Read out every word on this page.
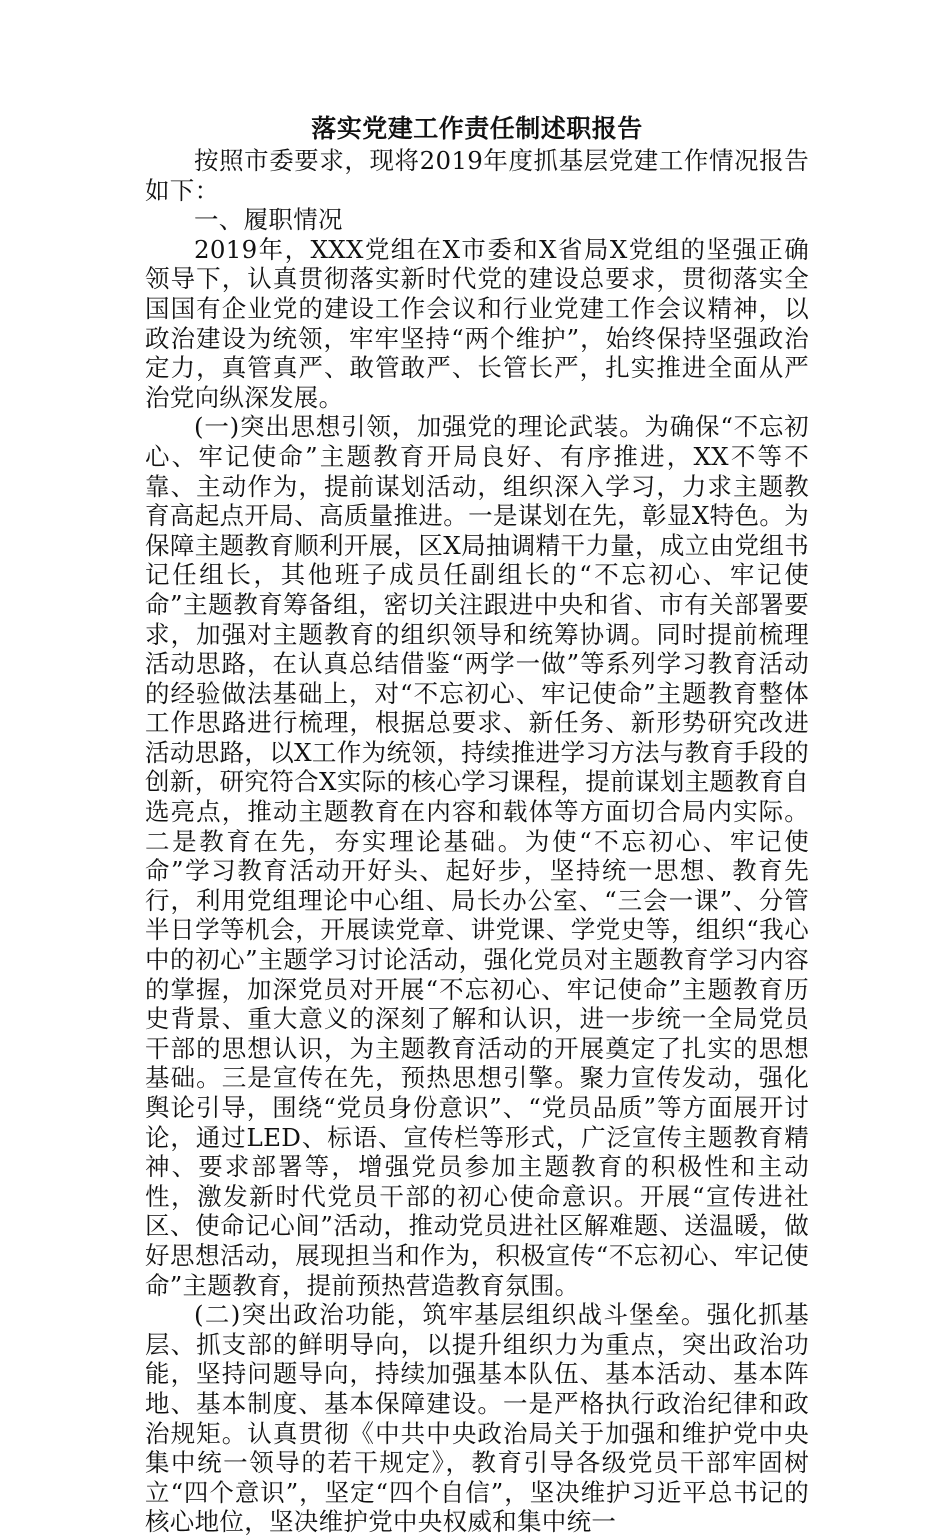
落实党建工作责任制述职报告

按照市委要求，现将2019年度抓基层党建工作情况报告如下：

一、履职情况

2019年，XXX党组在X市委和X省局X党组的坚强正确领导下，认真贯彻落实新时代党的建设总要求，贯彻落实全国国有企业党的建设工作会议和行业党建工作会议精神，以政治建设为统领，牢牢坚持“两个维护”，始终保持坚强政治定力，真管真严、敢管敢严、长管长严，扎实推进全面从严治党向纵深发展。

(一)突出思想引领，加强党的理论武装。为确保“不忘初心、牢记使命”主题教育开局良好、有序推进，XX不等不靠、主动作为，提前谋划活动，组织深入学习，力求主题教育高起点开局、高质量推进。一是谋划在先，彰显X特色。为保障主题教育顺利开展，区X局抽调精干力量，成立由党组书记任组长，其他班子成员任副组长的“不忘初心、牢记使命”主题教育筹备组，密切关注跟进中央和省、市有关部署要求，加强对主题教育的组织领导和统筹协调。同时提前梳理活动思路，在认真总结借鉴“两学一做”等系列学习教育活动的经验做法基础上，对“不忘初心、牢记使命”主题教育整体工作思路进行梳理，根据总要求、新任务、新形势研究改进活动思路，以X工作为统领，持续推进学习方法与教育手段的创新，研究符合X实际的核心学习课程，提前谋划主题教育自选亮点，推动主题教育在内容和载体等方面切合局内实际。二是教育在先，夯实理论基础。为使“不忘初心、牢记使命”学习教育活动开好头、起好步，坚持统一思想、教育先行，利用党组理论中心组、局长办公室、“三会一课”、分管半日学等机会，开展读党章、讲党课、学党史等，组织“我心中的初心”主题学习讨论活动，强化党员对主题教育学习内容的掌握，加深党员对开展“不忘初心、牢记使命”主题教育历史背景、重大意义的深刻了解和认识，进一步统一全局党员干部的思想认识，为主题教育活动的开展奠定了扎实的思想基础。三是宣传在先，预热思想引擎。聚力宣传发动，强化舆论引导，围绕“党员身份意识”、“党员品质”等方面展开讨论，通过LED、标语、宣传栏等形式，广泛宣传主题教育精神、要求部署等，增强党员参加主题教育的积极性和主动性，激发新时代党员干部的初心使命意识。开展“宣传进社区、使命记心间”活动，推动党员进社区解难题、送温暖，做好思想活动，展现担当和作为，积极宣传“不忘初心、牢记使命”主题教育，提前预热营造教育氛围。

(二)突出政治功能，筑牢基层组织战斗堡垒。强化抓基层、抓支部的鲜明导向，以提升组织力为重点，突出政治功能，坚持问题导向，持续加强基本队伍、基本活动、基本阵地、基本制度、基本保障建设。一是严格执行政治纪律和政治规矩。认真贯彻《中共中央政治局关于加强和维护党中央集中统一领导的若干规定》，教育引导各级党员干部牢固树立“四个意识”，坚定“四个自信”，坚决维护习近平总书记的核心地位，坚决维护党中央权威和集中统一
